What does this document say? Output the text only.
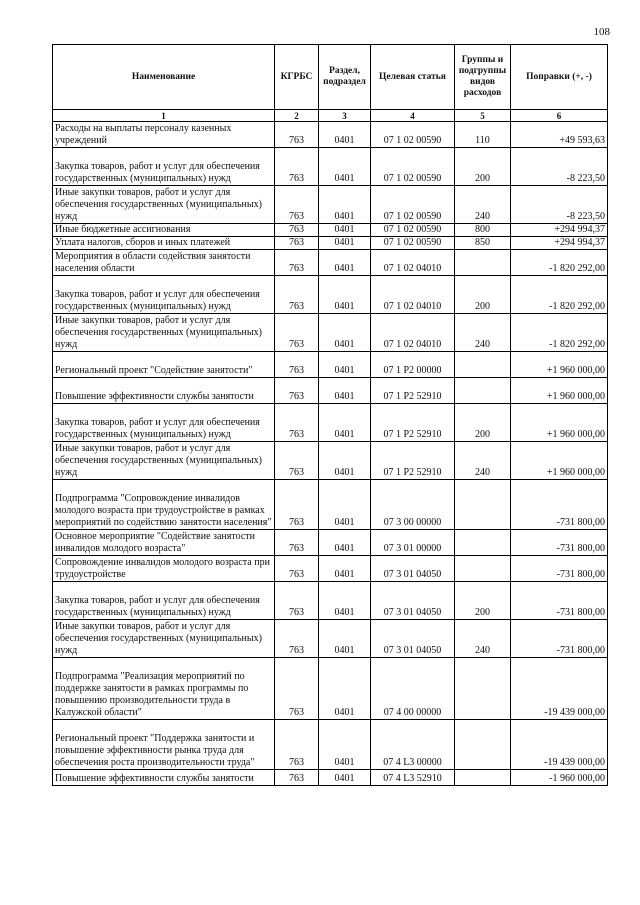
108
Наименование	КГРБС	Раздел, подраздел	Целевая статья	Группы и подгруппы видов расходов	Поправки (+, -)
1	2	3	4	5	6
Расходы на выплаты персоналу казенных учреждений	763	0401	07 1 02 00590	110	+49 593,63
Закупка товаров, работ и услуг для обеспечения государственных (муниципальных) нужд	763	0401	07 1 02 00590	200	-8 223,50
Иные закупки товаров, работ и услуг для обеспечения государственных (муниципальных) нужд	763	0401	07 1 02 00590	240	-8 223,50
Иные бюджетные ассигнования	763	0401	07 1 02 00590	800	+294 994,37
Уплата налогов, сборов и иных платежей	763	0401	07 1 02 00590	850	+294 994,37
Мероприятия в области содействия занятости населения области	763	0401	07 1 02 04010		-1 820 292,00
Закупка товаров, работ и услуг для обеспечения государственных (муниципальных) нужд	763	0401	07 1 02 04010	200	-1 820 292,00
Иные закупки товаров, работ и услуг для обеспечения государственных (муниципальных) нужд	763	0401	07 1 02 04010	240	-1 820 292,00
Региональный проект "Содействие занятости"	763	0401	07 1 P2 00000		+1 960 000,00
Повышение эффективности службы занятости	763	0401	07 1 P2 52910		+1 960 000,00
Закупка товаров, работ и услуг для обеспечения государственных (муниципальных) нужд	763	0401	07 1 P2 52910	200	+1 960 000,00
Иные закупки товаров, работ и услуг для обеспечения государственных (муниципальных) нужд	763	0401	07 1 P2 52910	240	+1 960 000,00
Подпрограмма "Сопровождение инвалидов молодого возраста при трудоустройстве в рамках мероприятий по содействию занятости населения"	763	0401	07 3 00 00000		-731 800,00
Основное мероприятие "Содействие занятости инвалидов молодого возраста"	763	0401	07 3 01 00000		-731 800,00
Сопровождение инвалидов молодого возраста при трудоустройстве	763	0401	07 3 01 04050		-731 800,00
Закупка товаров, работ и услуг для обеспечения государственных (муниципальных) нужд	763	0401	07 3 01 04050	200	-731 800,00
Иные закупки товаров, работ и услуг для обеспечения государственных (муниципальных) нужд	763	0401	07 3 01 04050	240	-731 800,00
Подпрограмма "Реализация мероприятий по поддержке занятости в рамках программы по повышению производительности труда в Калужской области"	763	0401	07 4 00 00000		-19 439 000,00
Региональный проект "Поддержка занятости и повышение эффективности рынка труда для обеспечения роста производительности труда"	763	0401	07 4 L3 00000		-19 439 000,00
Повышение эффективности службы занятости	763	0401	07 4 L3 52910		-1 960 000,00
